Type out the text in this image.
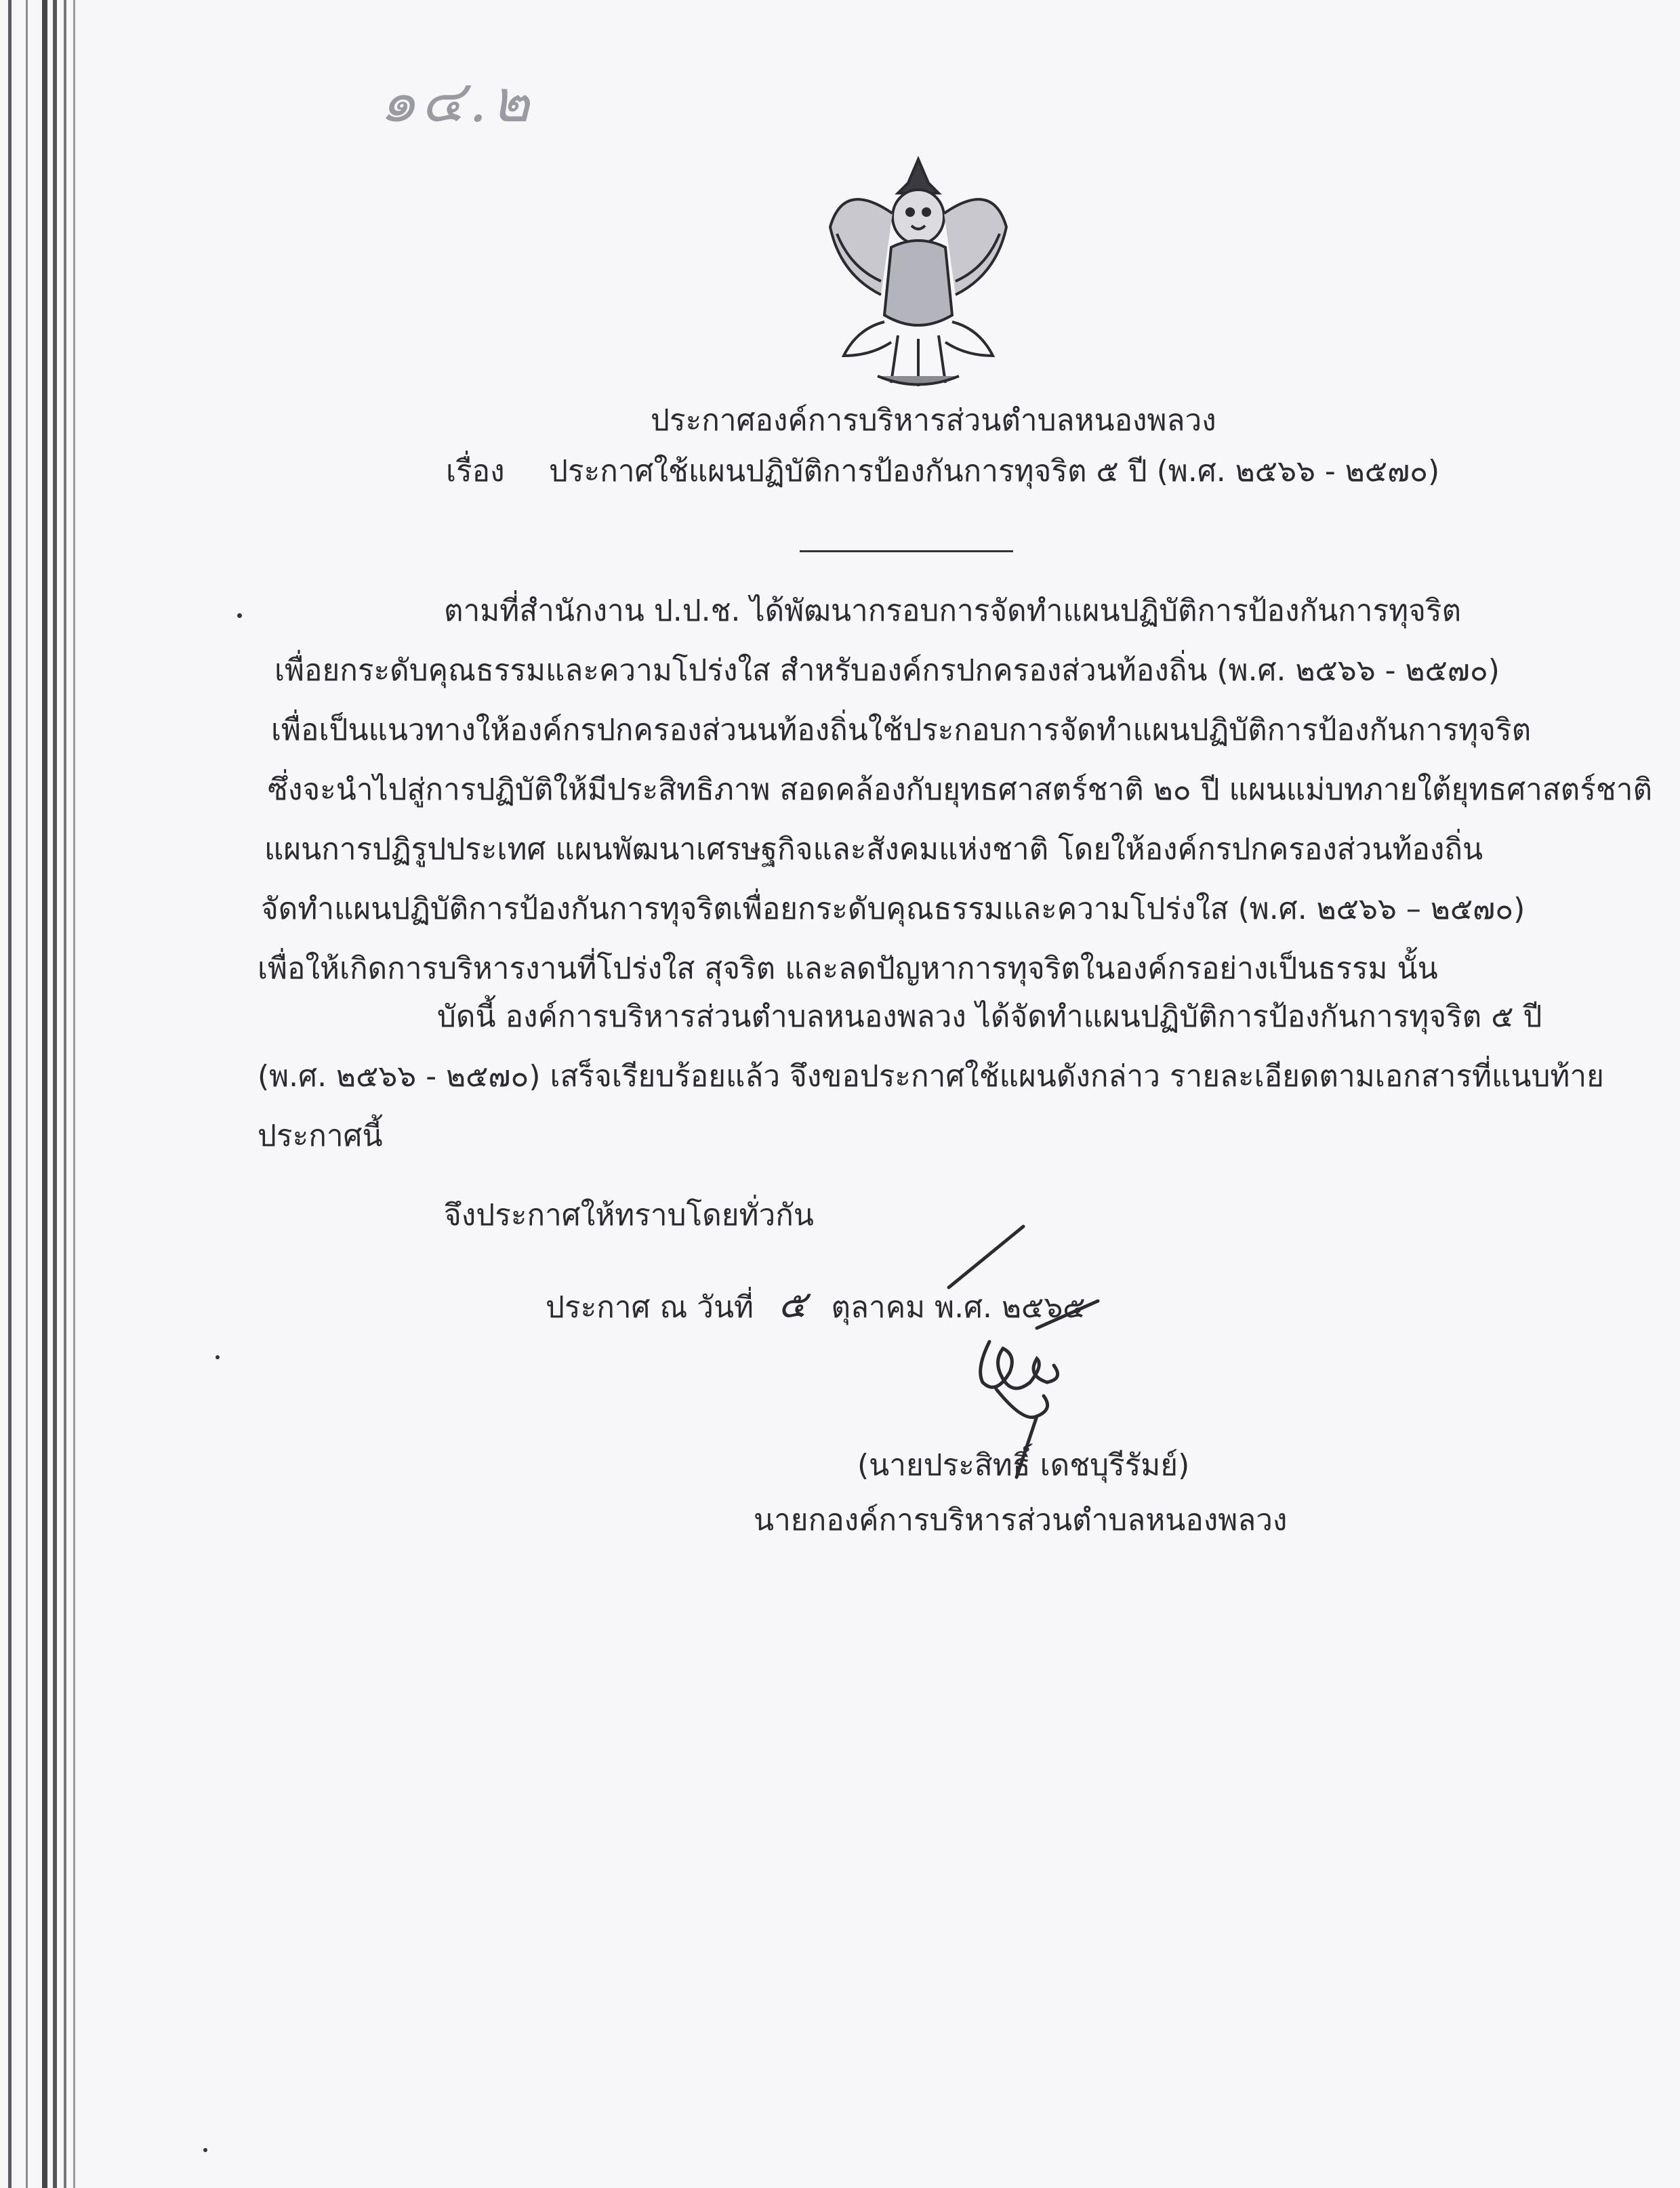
๑๔.๒
ประกาศองค์การบริหารส่วนตำบลหนองพลวง
เรื่อง ประกาศใช้แผนปฏิบัติการป้องกันการทุจริต ๕ ปี (พ.ศ. ๒๕๖๖ - ๒๕๗๐)
ตามที่สำนักงาน ป.ป.ช. ได้พัฒนากรอบการจัดทำแผนปฏิบัติการป้องกันการทุจริต
เพื่อยกระดับคุณธรรมและความโปร่งใส สำหรับองค์กรปกครองส่วนท้องถิ่น (พ.ศ. ๒๕๖๖ - ๒๕๗๐)
เพื่อเป็นแนวทางให้องค์กรปกครองส่วนนท้องถิ่นใช้ประกอบการจัดทำแผนปฏิบัติการป้องกันการทุจริต
ซึ่งจะนำไปสู่การปฏิบัติให้มีประสิทธิภาพ สอดคล้องกับยุทธศาสตร์ชาติ ๒๐ ปี แผนแม่บทภายใต้ยุทธศาสตร์ชาติ
แผนการปฏิรูปประเทศ แผนพัฒนาเศรษฐกิจและสังคมแห่งชาติ โดยให้องค์กรปกครองส่วนท้องถิ่น
จัดทำแผนปฏิบัติการป้องกันการทุจริตเพื่อยกระดับคุณธรรมและความโปร่งใส (พ.ศ. ๒๕๖๖ – ๒๕๗๐)
เพื่อให้เกิดการบริหารงานที่โปร่งใส สุจริต และลดปัญหาการทุจริตในองค์กรอย่างเป็นธรรม นั้น
บัดนี้ องค์การบริหารส่วนตำบลหนองพลวง ได้จัดทำแผนปฏิบัติการป้องกันการทุจริต ๕ ปี
(พ.ศ. ๒๕๖๖ - ๒๕๗๐) เสร็จเรียบร้อยแล้ว จึงขอประกาศใช้แผนดังกล่าว รายละเอียดตามเอกสารที่แนบท้าย
ประกาศนี้
จึงประกาศให้ทราบโดยทั่วกัน
ประกาศ ณ วันที่ ๕ ตุลาคม พ.ศ. ๒๕๖๕
(นายประสิทธิ์ เดชบุรีรัมย์)
นายกองค์การบริหารส่วนตำบลหนองพลวง
